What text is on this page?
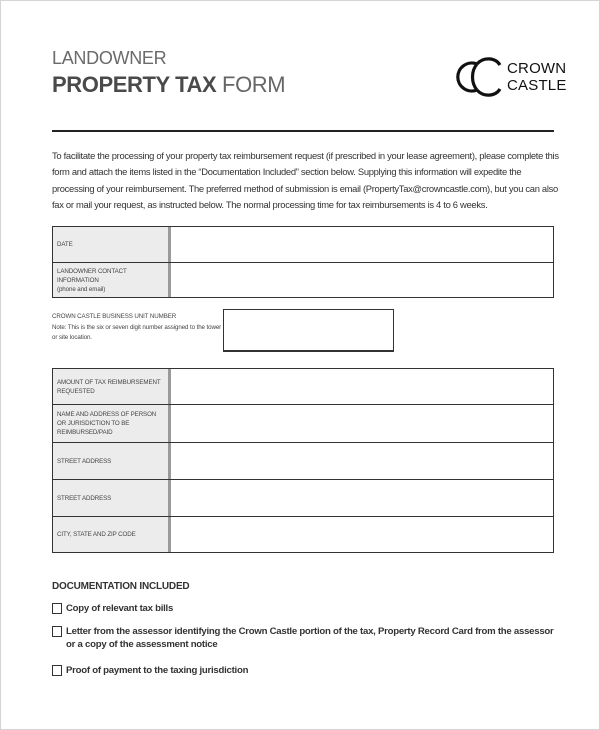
LANDOWNER
PROPERTY TAX FORM
CROWN
CASTLE
To facilitate the processing of your property tax reimbursement request (if prescribed in your lease agreement), please complete this form and attach the items listed in the “Documentation Included” section below. Supplying this information will expedite the processing of your reimbursement. The preferred method of submission is email (PropertyTax@crowncastle.com), but you can also fax or mail your request, as instructed below. The normal processing time for tax reimbursements is 4 to 6 weeks.
DATE
LANDOWNER CONTACT INFORMATION
(phone and email)
CROWN CASTLE BUSINESS UNIT NUMBER
Note: This is the six or seven digit number assigned to the tower or site location.
AMOUNT OF TAX REIMBURSEMENT REQUESTED
NAME AND ADDRESS OF PERSON OR JURISDICTION TO BE REIMBURSED/PAID
STREET ADDRESS
STREET ADDRESS
CITY, STATE AND ZIP CODE
DOCUMENTATION INCLUDED
Copy of relevant tax bills
Letter from the assessor identifying the Crown Castle portion of the tax, Property Record Card from the assessor or a copy of the assessment notice
Proof of payment to the taxing jurisdiction
